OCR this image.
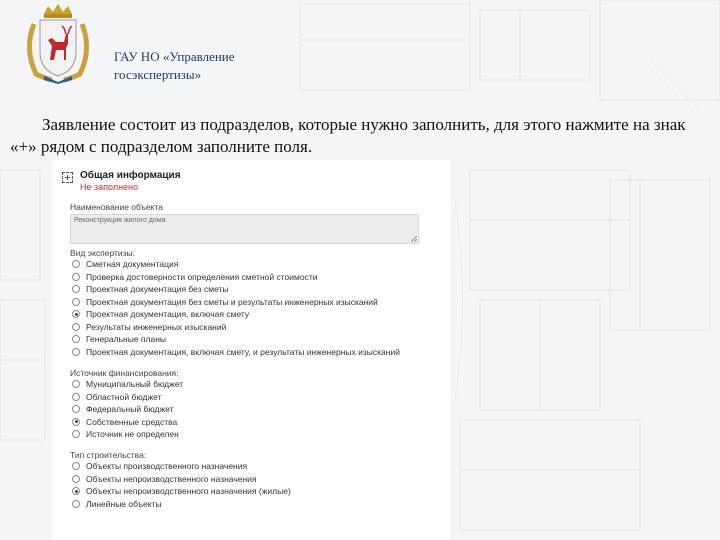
ГАУ НО «Управление госэкспертизы»
Заявление состоит из подразделов, которые нужно заполнить, для этого нажмите на знак «+» рядом с подразделом заполните поля.
Общая информация
Не заполнено
Наименование объекта
Реконструкция жилого дома
Вид экспертизы:
Сметная документация
Проверка достоверности определения сметной стоимости
Проектная документация без сметы
Проектная документация без сметы и результаты инженерных изысканий
Проектная документация, включая смету
Результаты инженерных изысканий
Генеральные планы
Проектная документация, включая смету, и результаты инженерных изысканий
Источник финансирования:
Муниципальный бюджет
Областной бюджет
Федеральный бюджет
Собственные средства
Источник не определен
Тип строительства:
Объекты производственного назначения
Объекты непроизводственного назначения
Объекты непроизводственного назначения (жилые)
Линейные объекты
